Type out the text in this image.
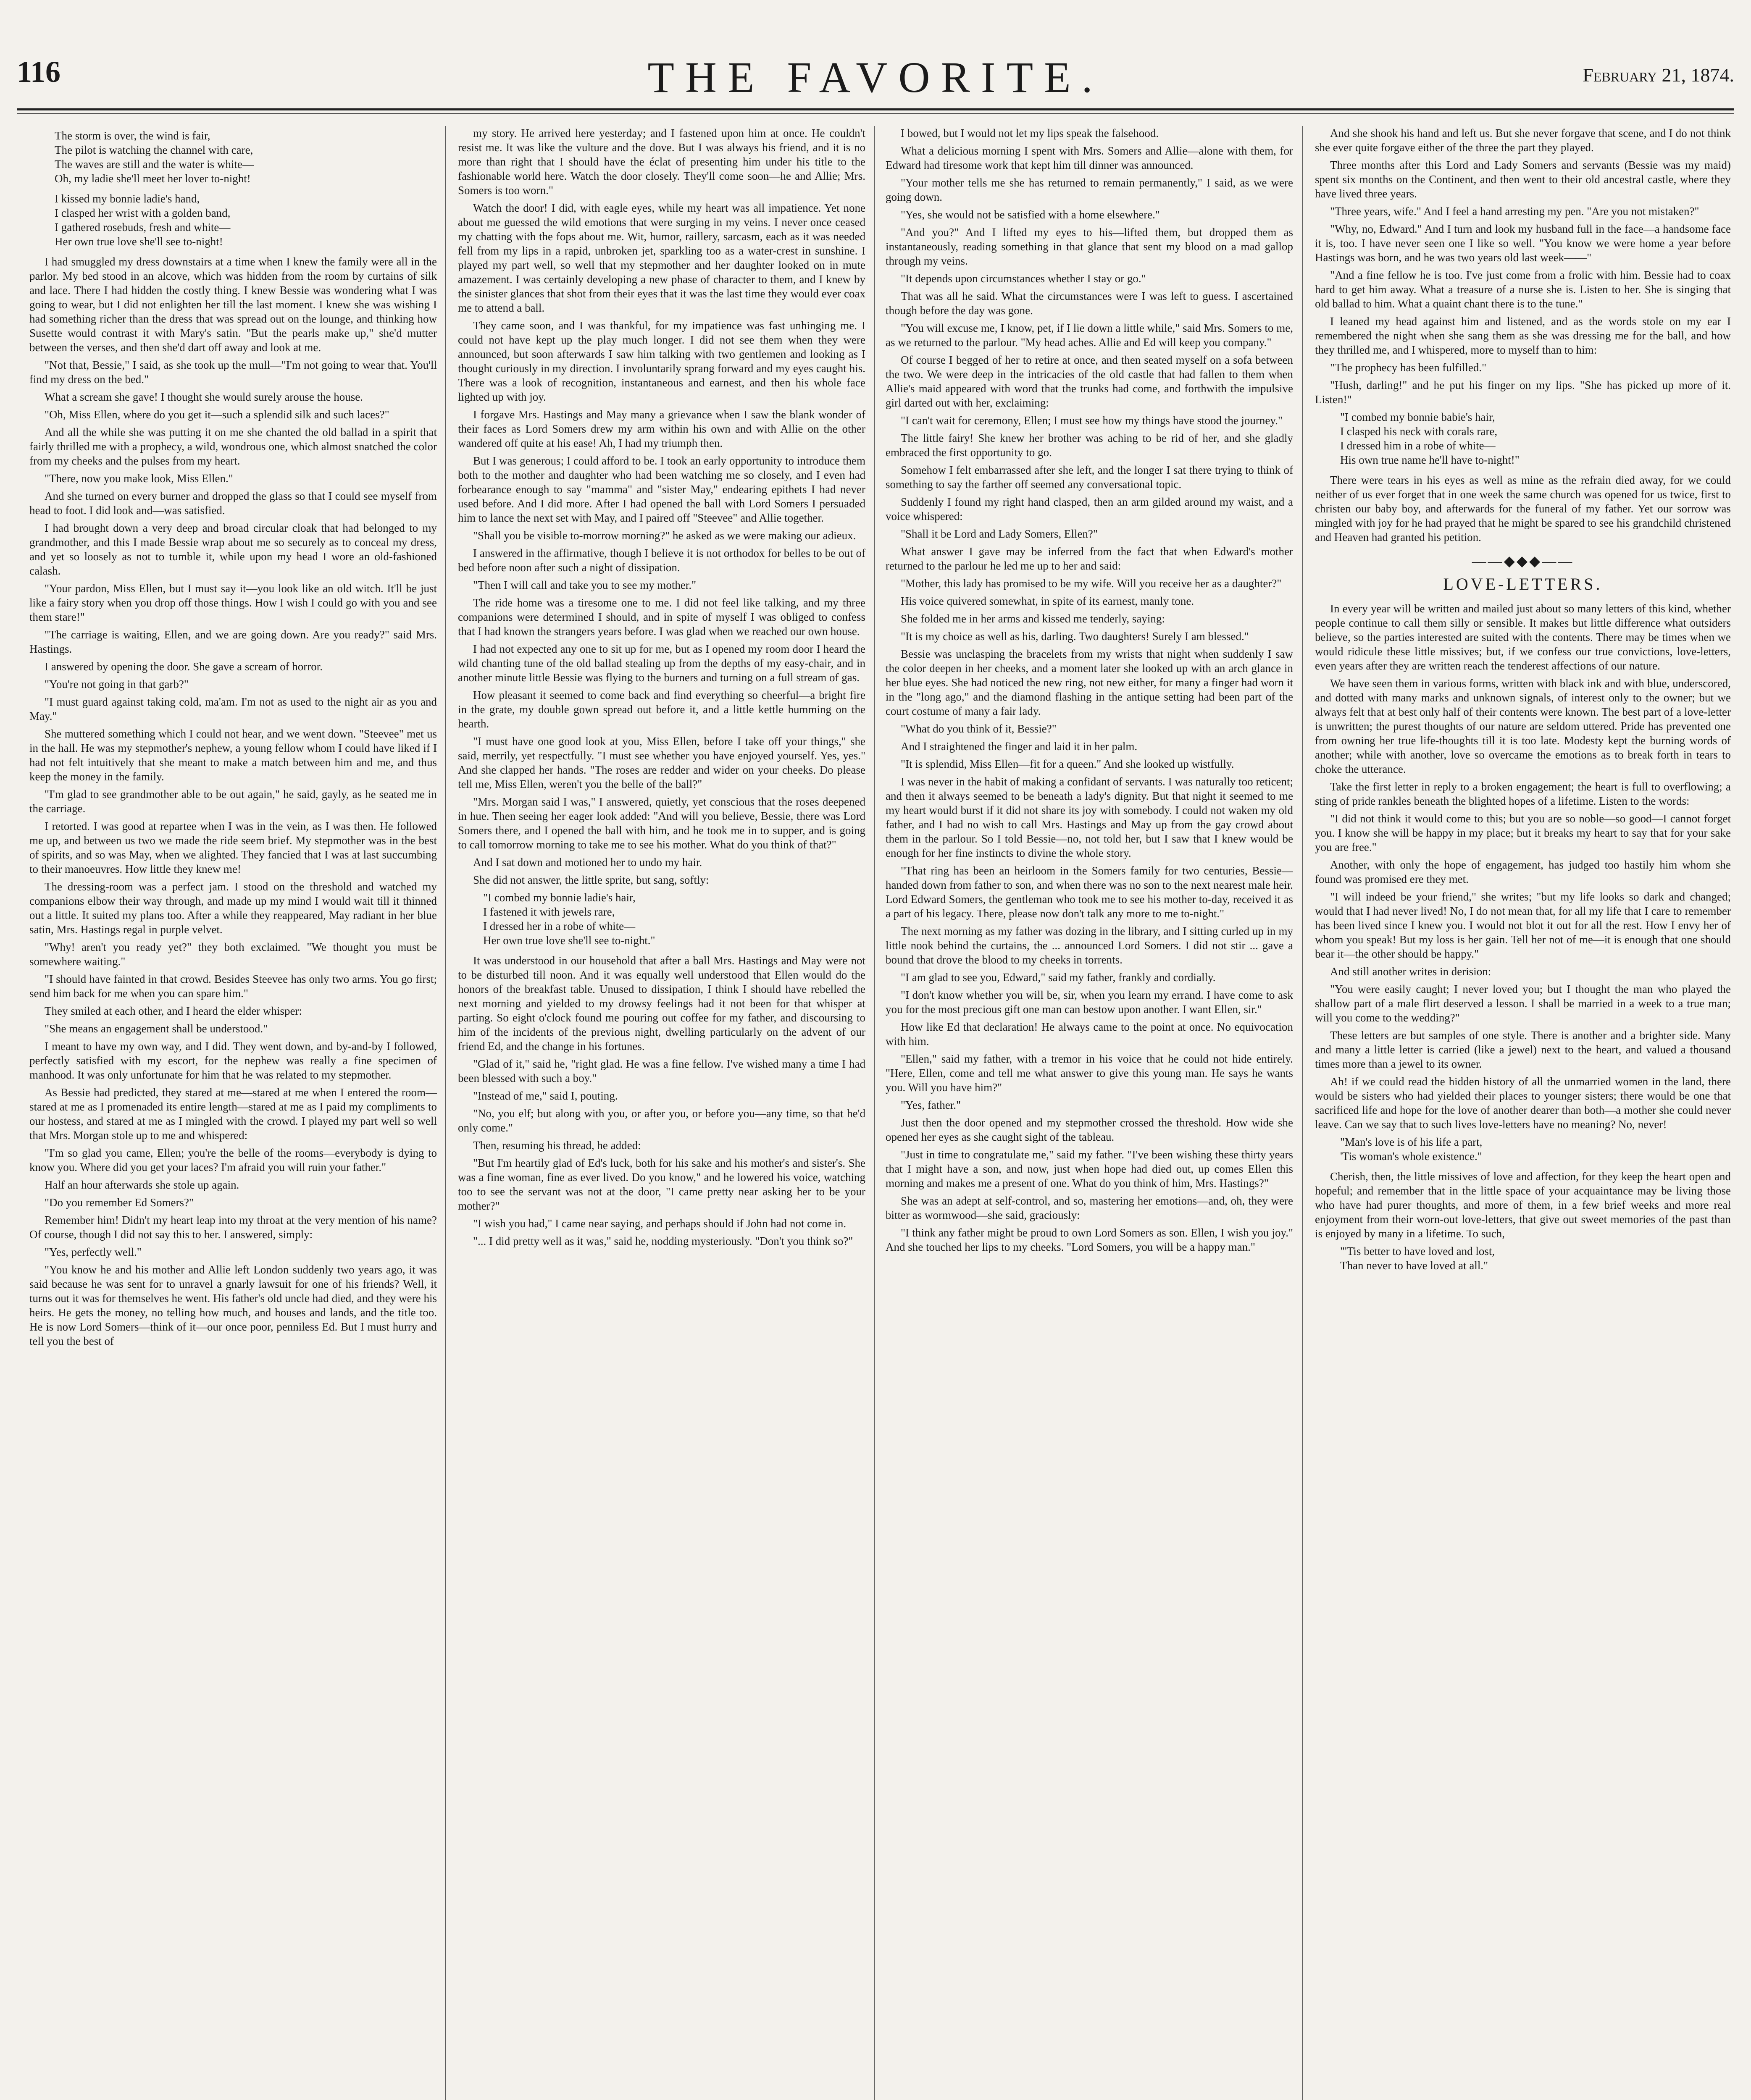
116	THE FAVORITE.	February 21, 1874.
The storm is over, the wind is fair,
The pilot is watching the channel with care,
The waves are still and the water is white—
Oh, my ladie she'll meet her lover to-night!
I kissed my bonnie ladie's hand,
I clasped her wrist with a golden band,
I gathered rosebuds, fresh and white—
Her own true love she'll see to-night!

I had smuggled my dress downstairs at a time when I knew the family were all in the parlor. My bed stood in an alcove, which was hidden from the room by curtains of silk and lace. There I had hidden the costly thing. I knew Bessie was wondering what I was going to wear, but I did not enlighten her till the last moment. I knew she was wishing I had something richer than the dress that was spread out on the lounge, and thinking how Susette would contrast it with Mary's satin. "But the pearls make up," she'd mutter between the verses, and then she'd dart off away and look at me.

"Not that, Bessie," I said, as she took up the mull—"I'm not going to wear that. You'll find my dress on the bed."

What a scream she gave! I thought she would surely arouse the house.

"Oh, Miss Ellen, where do you get it—such a splendid silk and such laces?"

And all the while she was putting it on me she chanted the old ballad in a spirit that fairly thrilled me with a prophecy, a wild, wondrous one, which almost snatched the color from my cheeks and the pulses from my heart.

"There, now you make look, Miss Ellen."

And she turned on every burner and dropped the glass so that I could see myself from head to foot. I did look and—was satisfied.

I had brought down a very deep and broad circular cloak that had belonged to my grandmother, and this I made Bessie wrap about me so securely as to conceal my dress, and yet so loosely as not to tumble it, while upon my head I wore an old-fashioned calash.

"Your pardon, Miss Ellen, but I must say it—you look like an old witch. It'll be just like a fairy story when you drop off those things. How I wish I could go with you and see them stare!"

"The carriage is waiting, Ellen, and we are going down. Are you ready?" said Mrs. Hastings.

I answered by opening the door. She gave a scream of horror.

"You're not going in that garb?"

"I must guard against taking cold, ma'am. I'm not as used to the night air as you and May."

She muttered something which I could not hear, and we went down. "Steevee" met us in the hall. He was my stepmother's nephew, a young fellow whom I could have liked if I had not felt intuitively that she meant to make a match between him and me, and thus keep the money in the family.

"I'm glad to see grandmother able to be out again," he said, gayly, as he seated me in the carriage.

I retorted. I was good at repartee when I was in the vein, as I was then. He followed me up, and between us two we made the ride seem brief. My stepmother was in the best of spirits, and so was May, when we alighted. They fancied that I was at last succumbing to their manoeuvres. How little they knew me!

The dressing-room was a perfect jam. I stood on the threshold and watched my companions elbow their way through, and made up my mind I would wait till it thinned out a little. It suited my plans too. After a while they reappeared, May radiant in her blue satin, Mrs. Hastings regal in purple velvet.

"Why! aren't you ready yet?" they both exclaimed. "We thought you must be somewhere waiting."

"I should have fainted in that crowd. Besides Steevee has only two arms. You go first; send him back for me when you can spare him."

They smiled at each other, and I heard the elder whisper:

"She means an engagement shall be understood."

I meant to have my own way, and I did. They went down, and by-and-by I followed, perfectly satisfied with my escort, for the nephew was really a fine specimen of manhood. It was only unfortunate for him that he was related to my stepmother.

As Bessie had predicted, they stared at me—stared at me when I entered the room—stared at me as I promenaded its entire length—stared at me as I paid my compliments to our hostess, and stared at me as I mingled with the crowd. I played my part well so well that Mrs. Morgan stole up to me and whispered:

"I'm so glad you came, Ellen; you're the belle of the rooms—everybody is dying to know you. Where did you get your laces? I'm afraid you will ruin your father."

Half an hour afterwards she stole up again.

"Do you remember Ed Somers?"

Remember him! Didn't my heart leap into my throat at the very mention of his name? Of course, though I did not say this to her. I answered, simply:

"Yes, perfectly well."

"You know he and his mother and Allie left London suddenly two years ago, it was said because he was sent for to unravel a gnarly lawsuit for one of his friends? Well, it turns out it was for themselves he went. His father's old uncle had died, and they were his heirs. He gets the money, no telling how much, and houses and lands, and the title too. He is now Lord Somers—think of it—our once poor, penniless Ed. But I must hurry and tell you the best of

my story. He arrived here yesterday; and I fastened upon him at once. He couldn't resist me. It was like the vulture and the dove. But I was always his friend, and it is no more than right that I should have the éclat of presenting him under his title to the fashionable world here. Watch the door closely. They'll come soon—he and Allie; Mrs. Somers is too worn."

Watch the door! I did, with eagle eyes, while my heart was all impatience. Yet none about me guessed the wild emotions that were surging in my veins. I never once ceased my chatting with the fops about me. Wit, humor, raillery, sarcasm, each as it was needed fell from my lips in a rapid, unbroken jet, sparkling too as a water-crest in sunshine. I played my part well, so well that my stepmother and her daughter looked on in mute amazement. I was certainly developing a new phase of character to them, and I knew by the sinister glances that shot from their eyes that it was the last time they would ever coax me to attend a ball.

They came soon, and I was thankful, for my impatience was fast unhinging me. I could not have kept up the play much longer. I did not see them when they were announced, but soon afterwards I saw him talking with two gentlemen and looking as I thought curiously in my direction. I involuntarily sprang forward and my eyes caught his. There was a look of recognition, instantaneous and earnest, and then his whole face lighted up with joy.

I forgave Mrs. Hastings and May many a grievance when I saw the blank wonder of their faces as Lord Somers drew my arm within his own and with Allie on the other wandered off quite at his ease! Ah, I had my triumph then.

But I was generous; I could afford to be. I took an early opportunity to introduce them both to the mother and daughter who had been watching me so closely, and I even had forbearance enough to say "mamma" and "sister May," endearing epithets I had never used before. And I did more. After I had opened the ball with Lord Somers I persuaded him to lance the next set with May, and I paired off "Steevee" and Allie together.

"Shall you be visible to-morrow morning?" he asked as we were making our adieux.

I answered in the affirmative, though I believe it is not orthodox for belles to be out of bed before noon after such a night of dissipation.

"Then I will call and take you to see my mother."

The ride home was a tiresome one to me. I did not feel like talking, and my three companions were determined I should, and in spite of myself I was obliged to confess that I had known the strangers years before. I was glad when we reached our own house.

I had not expected any one to sit up for me, but as I opened my room door I heard the wild chanting tune of the old ballad stealing up from the depths of my easy-chair, and in another minute little Bessie was flying to the burners and turning on a full stream of gas.

How pleasant it seemed to come back and find everything so cheerful—a bright fire in the grate, my double gown spread out before it, and a little kettle humming on the hearth.

"I must have one good look at you, Miss Ellen, before I take off your things," she said, merrily, yet respectfully. "I must see whether you have enjoyed yourself. Yes, yes." And she clapped her hands. "The roses are redder and wider on your cheeks. Do please tell me, Miss Ellen, weren't you the belle of the ball?"

"Mrs. Morgan said I was," I answered, quietly, yet conscious that the roses deepened in hue. Then seeing her eager look added: "And will you believe, Bessie, there was Lord Somers there, and I opened the ball with him, and he took me in to supper, and is going to call tomorrow morning to take me to see his mother. What do you think of that?"

And I sat down and motioned her to undo my hair.

She did not answer, the little sprite, but sang, softly:

"I combed my bonnie ladie's hair,
I fastened it with jewels rare,
I dressed her in a robe of white—
Her own true love she'll see to-night."

It was understood in our household that after a ball Mrs. Hastings and May were not to be disturbed till noon. And it was equally well understood that Ellen would do the honors of the breakfast table. Unused to dissipation, I think I should have rebelled the next morning and yielded to my drowsy feelings had it not been for that whisper at parting. So eight o'clock found me pouring out coffee for my father, and discoursing to him of the incidents of the previous night, dwelling particularly on the advent of our friend Ed, and the change in his fortunes.

"Glad of it," said he, "right glad. He was a fine fellow. I've wished many a time I had been blessed with such a boy."

"Instead of me," said I, pouting.

"No, you elf; but along with you, or after you, or before you—any time, so that he'd only come."

Then, resuming his thread, he added:

"But I'm heartily glad of Ed's luck, both for his sake and his mother's and sister's. She was a fine woman, fine as ever lived. Do you know," and he lowered his voice, watching too to see the servant was not at the door, "I came pretty near asking her to be your mother?"

"I wish you had," I came near saying, and perhaps should if John had not come in.

"... I did pretty well as it was," said he, nodding mysteriously. "Don't you think so?"

I bowed, but I would not let my lips speak the falsehood.

What a delicious morning I spent with Mrs. Somers and Allie—alone with them, for Edward had tiresome work that kept him till dinner was announced.

"Your mother tells me she has returned to remain permanently," I said, as we were going down.

"Yes, she would not be satisfied with a home elsewhere."

"And you?" And I lifted my eyes to his—lifted them, but dropped them as instantaneously, reading something in that glance that sent my blood on a mad gallop through my veins.

"It depends upon circumstances whether I stay or go."

That was all he said. What the circumstances were I was left to guess. I ascertained though before the day was gone.

"You will excuse me, I know, pet, if I lie down a little while," said Mrs. Somers to me, as we returned to the parlour. "My head aches. Allie and Ed will keep you company."

Of course I begged of her to retire at once, and then seated myself on a sofa between the two. We were deep in the intricacies of the old castle that had fallen to them when Allie's maid appeared with word that the trunks had come, and forthwith the impulsive girl darted out with her, exclaiming:

"I can't wait for ceremony, Ellen; I must see how my things have stood the journey."

The little fairy! She knew her brother was aching to be rid of her, and she gladly embraced the first opportunity to go.

Somehow I felt embarrassed after she left, and the longer I sat there trying to think of something to say the farther off seemed any conversational topic.

Suddenly I found my right hand clasped, then an arm gilded around my waist, and a voice whispered:

"Shall it be Lord and Lady Somers, Ellen?"

What answer I gave may be inferred from the fact that when Edward's mother returned to the parlour he led me up to her and said:

"Mother, this lady has promised to be my wife. Will you receive her as a daughter?"

His voice quivered somewhat, in spite of its earnest, manly tone.

She folded me in her arms and kissed me tenderly, saying:

"It is my choice as well as his, darling. Two daughters! Surely I am blessed."

Bessie was unclasping the bracelets from my wrists that night when suddenly I saw the color deepen in her cheeks, and a moment later she looked up with an arch glance in her blue eyes. She had noticed the new ring, not new either, for many a finger had worn it in the "long ago," and the diamond flashing in the antique setting had been part of the court costume of many a fair lady.

"What do you think of it, Bessie?"

And I straightened the finger and laid it in her palm.

"It is splendid, Miss Ellen—fit for a queen." And she looked up wistfully.

I was never in the habit of making a confidant of servants. I was naturally too reticent; and then it always seemed to be beneath a lady's dignity. But that night it seemed to me my heart would burst if it did not share its joy with somebody. I could not waken my old father, and I had no wish to call Mrs. Hastings and May up from the gay crowd about them in the parlour. So I told Bessie—no, not told her, but I saw that I knew would be enough for her fine instincts to divine the whole story.

"That ring has been an heirloom in the Somers family for two centuries, Bessie—handed down from father to son, and when there was no son to the next nearest male heir. Lord Edward Somers, the gentleman who took me to see his mother to-day, received it as a part of his legacy. There, please now don't talk any more to me to-night."

The next morning as my father was dozing in the library, and I sitting curled up in my little nook behind the curtains, the ... announced Lord Somers. I did not stir ... gave a bound that drove the blood to my cheeks in torrents.

"I am glad to see you, Edward," said my father, frankly and cordially.

"I don't know whether you will be, sir, when you learn my errand. I have come to ask you for the most precious gift one man can bestow upon another. I want Ellen, sir."

How like Ed that declaration! He always came to the point at once. No equivocation with him.

"Ellen," said my father, with a tremor in his voice that he could not hide entirely. "Here, Ellen, come and tell me what answer to give this young man. He says he wants you. Will you have him?"

"Yes, father."

Just then the door opened and my stepmother crossed the threshold. How wide she opened her eyes as she caught sight of the tableau.

"Just in time to congratulate me," said my father. "I've been wishing these thirty years that I might have a son, and now, just when hope had died out, up comes Ellen this morning and makes me a present of one. What do you think of him, Mrs. Hastings?"

She was an adept at self-control, and so, mastering her emotions—and, oh, they were bitter as wormwood—she said, graciously:

"I think any father might be proud to own Lord Somers as son. Ellen, I wish you joy." And she touched her lips to my cheeks. "Lord Somers, you will be a happy man."

And she shook his hand and left us. But she never forgave that scene, and I do not think she ever quite forgave either of the three the part they played.

Three months after this Lord and Lady Somers and servants (Bessie was my maid) spent six months on the Continent, and then went to their old ancestral castle, where they have lived three years.

"Three years, wife." And I feel a hand arresting my pen. "Are you not mistaken?"

"Why, no, Edward." And I turn and look my husband full in the face—a handsome face it is, too. I have never seen one I like so well. "You know we were home a year before Hastings was born, and he was two years old last week——"

"And a fine fellow he is too. I've just come from a frolic with him. Bessie had to coax hard to get him away. What a treasure of a nurse she is. Listen to her. She is singing that old ballad to him. What a quaint chant there is to the tune."

I leaned my head against him and listened, and as the words stole on my ear I remembered the night when she sang them as she was dressing me for the ball, and how they thrilled me, and I whispered, more to myself than to him:

"The prophecy has been fulfilled."

"Hush, darling!" and he put his finger on my lips. "She has picked up more of it. Listen!"

"I combed my bonnie babie's hair,
I clasped his neck with corals rare,
I dressed him in a robe of white—
His own true name he'll have to-night!"

There were tears in his eyes as well as mine as the refrain died away, for we could neither of us ever forget that in one week the same church was opened for us twice, first to christen our baby boy, and afterwards for the funeral of my father. Yet our sorrow was mingled with joy for he had prayed that he might be spared to see his grandchild christened and Heaven had granted his petition.

——◆◆◆——
LOVE-LETTERS.

In every year will be written and mailed just about so many letters of this kind, whether people continue to call them silly or sensible. It makes but little difference what outsiders believe, so the parties interested are suited with the contents. There may be times when we would ridicule these little missives; but, if we confess our true convictions, love-letters, even years after they are written reach the tenderest affections of our nature.

We have seen them in various forms, written with black ink and with blue, underscored, and dotted with many marks and unknown signals, of interest only to the owner; but we always felt that at best only half of their contents were known. The best part of a love-letter is unwritten; the purest thoughts of our nature are seldom uttered. Pride has prevented one from owning her true life-thoughts till it is too late. Modesty kept the burning words of another; while with another, love so overcame the emotions as to break forth in tears to choke the utterance.

Take the first letter in reply to a broken engagement; the heart is full to overflowing; a sting of pride rankles beneath the blighted hopes of a lifetime. Listen to the words:

"I did not think it would come to this; but you are so noble—so good—I cannot forget you. I know she will be happy in my place; but it breaks my heart to say that for your sake you are free."

Another, with only the hope of engagement, has judged too hastily him whom she found was promised ere they met.

"I will indeed be your friend," she writes; "but my life looks so dark and changed; would that I had never lived! No, I do not mean that, for all my life that I care to remember has been lived since I knew you. I would not blot it out for all the rest. How I envy her of whom you speak! But my loss is her gain. Tell her not of me—it is enough that one should bear it—the other should be happy."

And still another writes in derision:

"You were easily caught; I never loved you; but I thought the man who played the shallow part of a male flirt deserved a lesson. I shall be married in a week to a true man; will you come to the wedding?"

These letters are but samples of one style. There is another and a brighter side. Many and many a little letter is carried (like a jewel) next to the heart, and valued a thousand times more than a jewel to its owner.

Ah! if we could read the hidden history of all the unmarried women in the land, there would be sisters who had yielded their places to younger sisters; there would be one that sacrificed life and hope for the love of another dearer than both—a mother she could never leave. Can we say that to such lives love-letters have no meaning? No, never!

"Man's love is of his life a part,
'Tis woman's whole existence."

Cherish, then, the little missives of love and affection, for they keep the heart open and hopeful; and remember that in the little space of your acquaintance may be living those who have had purer thoughts, and more of them, in a few brief weeks and more real enjoyment from their worn-out love-letters, that give out sweet memories of the past than is enjoyed by many in a lifetime. To such,

"'Tis better to have loved and lost,
Than never to have loved at all."
